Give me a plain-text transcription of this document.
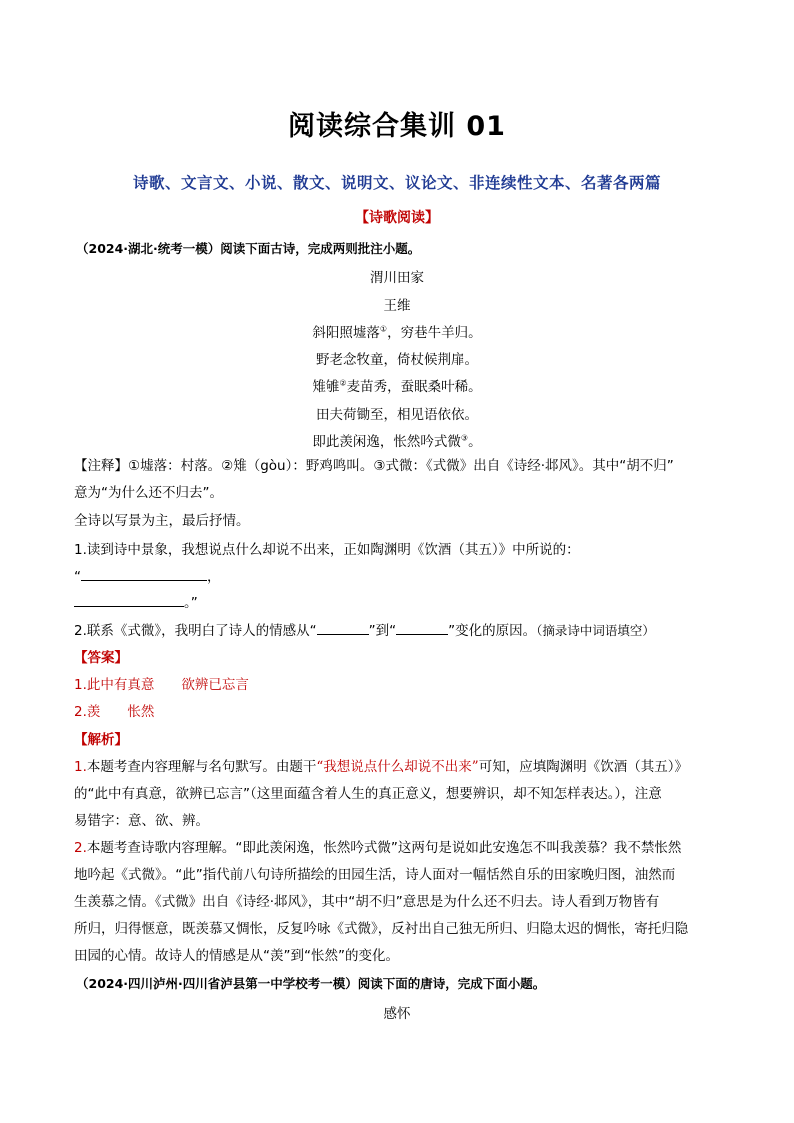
阅读综合集训 01
诗歌、文言文、小说、散文、说明文、议论文、非连续性文本、名著各两篇
【诗歌阅读】
（2024·湖北·统考一模）阅读下面古诗，完成两则批注小题。
渭川田家
王维
斜阳照墟落①，穷巷牛羊归。
野老念牧童，倚杖候荆扉。
雉雊②麦苗秀，蚕眠桑叶稀。
田夫荷锄至，相见语依依。
即此羡闲逸，怅然吟式微③。
【注释】①墟落：村落。②雉（gòu）：野鸡鸣叫。③式微：《式微》出自《诗经·邶风》。其中“胡不归”
意为“为什么还不归去”。
全诗以写景为主，最后抒情。
1.读到诗中景象，我想说点什么却说不出来，正如陶渊明《饮酒（其五）》中所说的：
“	，
。”
2.联系《式微》，我明白了诗人的情感从“	”到“	”变化的原因。（摘录诗中词语填空）
【答案】
1.此中有真意　　欲辨已忘言
2.羡　　怅然
【解析】
1.本题考查内容理解与名句默写。由题干“我想说点什么却说不出来”可知，应填陶渊明《饮酒（其五）》
的“此中有真意，欲辨已忘言”（这里面蕴含着人生的真正意义，想要辨识，却不知怎样表达。），注意
易错字：意、欲、辨。
2.本题考查诗歌内容理解。“即此羡闲逸，怅然吟式微”这两句是说如此安逸怎不叫我羡慕？我不禁怅然
地吟起《式微》。“此”指代前八句诗所描绘的田园生活，诗人面对一幅恬然自乐的田家晚归图，油然而
生羡慕之情。《式微》出自《诗经·邶风》，其中“胡不归”意思是为什么还不归去。诗人看到万物皆有
所归，归得惬意，既羡慕又惆怅，反复吟咏《式微》，反衬出自己独无所归、归隐太迟的惆怅，寄托归隐
田园的心情。故诗人的情感是从“羡”到“怅然”的变化。
（2024·四川泸州·四川省泸县第一中学校考一模）阅读下面的唐诗，完成下面小题。
感怀
